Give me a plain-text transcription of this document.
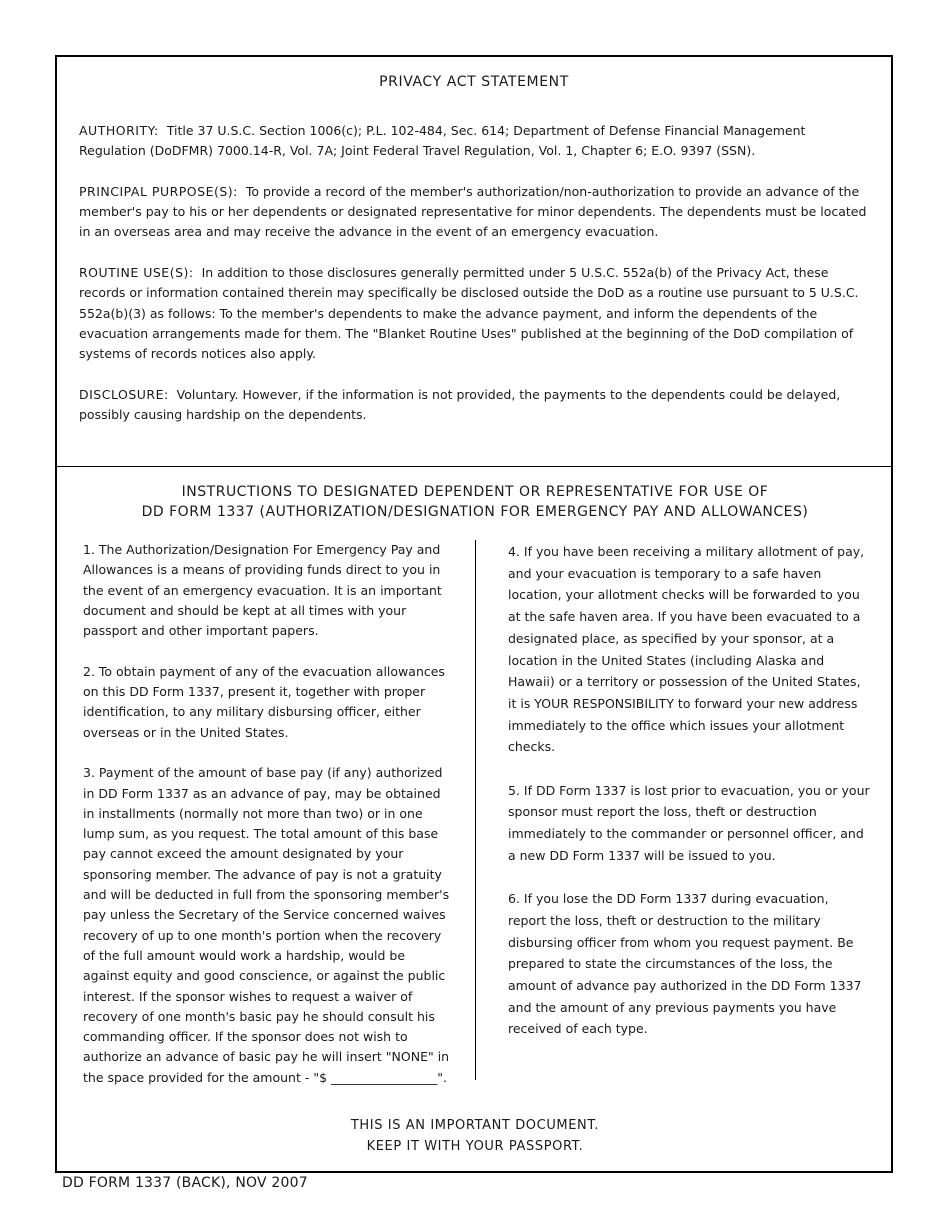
PRIVACY ACT STATEMENT

AUTHORITY: Title 37 U.S.C. Section 1006(c); P.L. 102-484, Sec. 614; Department of Defense Financial Management Regulation (DoDFMR) 7000.14-R, Vol. 7A; Joint Federal Travel Regulation, Vol. 1, Chapter 6; E.O. 9397 (SSN).

PRINCIPAL PURPOSE(S): To provide a record of the member's authorization/non-authorization to provide an advance of the member's pay to his or her dependents or designated representative for minor dependents. The dependents must be located in an overseas area and may receive the advance in the event of an emergency evacuation.

ROUTINE USE(S): In addition to those disclosures generally permitted under 5 U.S.C. 552a(b) of the Privacy Act, these records or information contained therein may specifically be disclosed outside the DoD as a routine use pursuant to 5 U.S.C. 552a(b)(3) as follows: To the member's dependents to make the advance payment, and inform the dependents of the evacuation arrangements made for them. The "Blanket Routine Uses" published at the beginning of the DoD compilation of systems of records notices also apply.

DISCLOSURE: Voluntary. However, if the information is not provided, the payments to the dependents could be delayed, possibly causing hardship on the dependents.

INSTRUCTIONS TO DESIGNATED DEPENDENT OR REPRESENTATIVE FOR USE OF
DD FORM 1337 (AUTHORIZATION/DESIGNATION FOR EMERGENCY PAY AND ALLOWANCES)

1. The Authorization/Designation For Emergency Pay and Allowances is a means of providing funds direct to you in the event of an emergency evacuation. It is an important document and should be kept at all times with your passport and other important papers.

2. To obtain payment of any of the evacuation allowances on this DD Form 1337, present it, together with proper identification, to any military disbursing officer, either overseas or in the United States.

3. Payment of the amount of base pay (if any) authorized in DD Form 1337 as an advance of pay, may be obtained in installments (normally not more than two) or in one lump sum, as you request. The total amount of this base pay cannot exceed the amount designated by your sponsoring member. The advance of pay is not a gratuity and will be deducted in full from the sponsoring member's pay unless the Secretary of the Service concerned waives recovery of up to one month's portion when the recovery of the full amount would work a hardship, would be against equity and good conscience, or against the public interest. If the sponsor wishes to request a waiver of recovery of one month's basic pay he should consult his commanding officer. If the sponsor does not wish to authorize an advance of basic pay he will insert "NONE" in the space provided for the amount - "$ _________________".

4. If you have been receiving a military allotment of pay, and your evacuation is temporary to a safe haven location, your allotment checks will be forwarded to you at the safe haven area. If you have been evacuated to a designated place, as specified by your sponsor, at a location in the United States (including Alaska and Hawaii) or a territory or possession of the United States, it is YOUR RESPONSIBILITY to forward your new address immediately to the office which issues your allotment checks.

5. If DD Form 1337 is lost prior to evacuation, you or your sponsor must report the loss, theft or destruction immediately to the commander or personnel officer, and a new DD Form 1337 will be issued to you.

6. If you lose the DD Form 1337 during evacuation, report the loss, theft or destruction to the military disbursing officer from whom you request payment. Be prepared to state the circumstances of the loss, the amount of advance pay authorized in the DD Form 1337 and the amount of any previous payments you have received of each type.

THIS IS AN IMPORTANT DOCUMENT.
KEEP IT WITH YOUR PASSPORT.
DD FORM 1337 (BACK), NOV 2007
